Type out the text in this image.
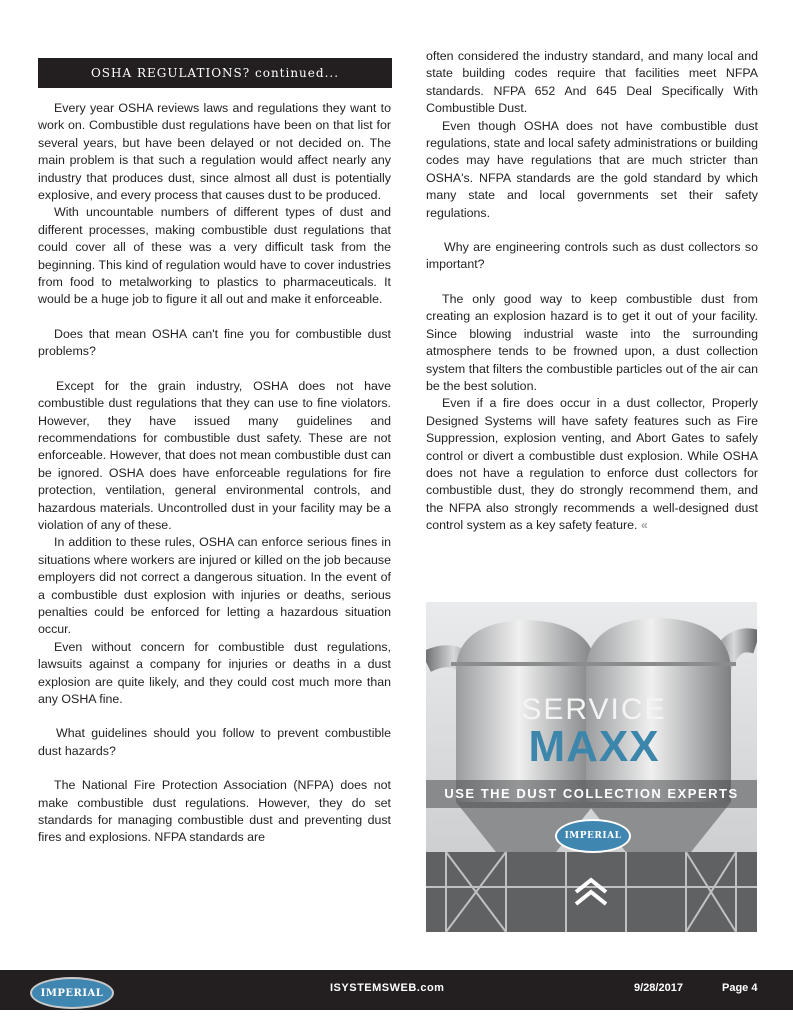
OSHA REGULATIONS? continued...

Every year OSHA reviews laws and regulations they want to work on. Combustible dust regulations have been on that list for several years, but have been delayed or not decided on. The main problem is that such a regulation would affect nearly any industry that produces dust, since almost all dust is potentially explosive, and every process that causes dust to be produced.

With uncountable numbers of different types of dust and different processes, making combustible dust regulations that could cover all of these was a very difficult task from the beginning. This kind of regulation would have to cover industries from food to metalworking to plastics to pharmaceuticals. It would be a huge job to figure it all out and make it enforceable.

Does that mean OSHA can't fine you for combustible dust problems?

Except for the grain industry, OSHA does not have combustible dust regulations that they can use to fine violators. However, they have issued many guidelines and recommendations for combustible dust safety. These are not enforceable. However, that does not mean combustible dust can be ignored. OSHA does have enforceable regulations for fire protection, ventilation, general environmental controls, and hazardous materials. Uncontrolled dust in your facility may be a violation of any of these.

In addition to these rules, OSHA can enforce serious fines in situations where workers are injured or killed on the job because employers did not correct a dangerous situation. In the event of a combustible dust explosion with injuries or deaths, serious penalties could be enforced for letting a hazardous situation occur.

Even without concern for combustible dust regulations, lawsuits against a company for injuries or deaths in a dust explosion are quite likely, and they could cost much more than any OSHA fine.

What guidelines should you follow to prevent combustible dust hazards?

The National Fire Protection Association (NFPA) does not make combustible dust regulations. However, they do set standards for managing combustible dust and preventing dust fires and explosions. NFPA standards are

often considered the industry standard, and many local and state building codes require that facilities meet NFPA standards. NFPA 652 And 645 Deal Specifically With Combustible Dust.

Even though OSHA does not have combustible dust regulations, state and local safety administrations or building codes may have regulations that are much stricter than OSHA's. NFPA standards are the gold standard by which many state and local governments set their safety regulations.

Why are engineering controls such as dust collectors so important?

The only good way to keep combustible dust from creating an explosion hazard is to get it out of your facility. Since blowing industrial waste into the surrounding atmosphere tends to be frowned upon, a dust collection system that filters the combustible particles out of the air can be the best solution.

Even if a fire does occur in a dust collector, Properly Designed Systems will have safety features such as Fire Suppression, explosion venting, and Abort Gates to safely control or divert a combustible dust explosion. While OSHA does not have a regulation to enforce dust collectors for combustible dust, they do strongly recommend them, and the NFPA also strongly recommends a well-designed dust control system as a key safety feature. «

SERVICE
MAXX
USE THE DUST COLLECTION EXPERTS
IMPERIAL
IMPERIAL	ISYSTEMSWEB.com	9/28/2017	Page 4
